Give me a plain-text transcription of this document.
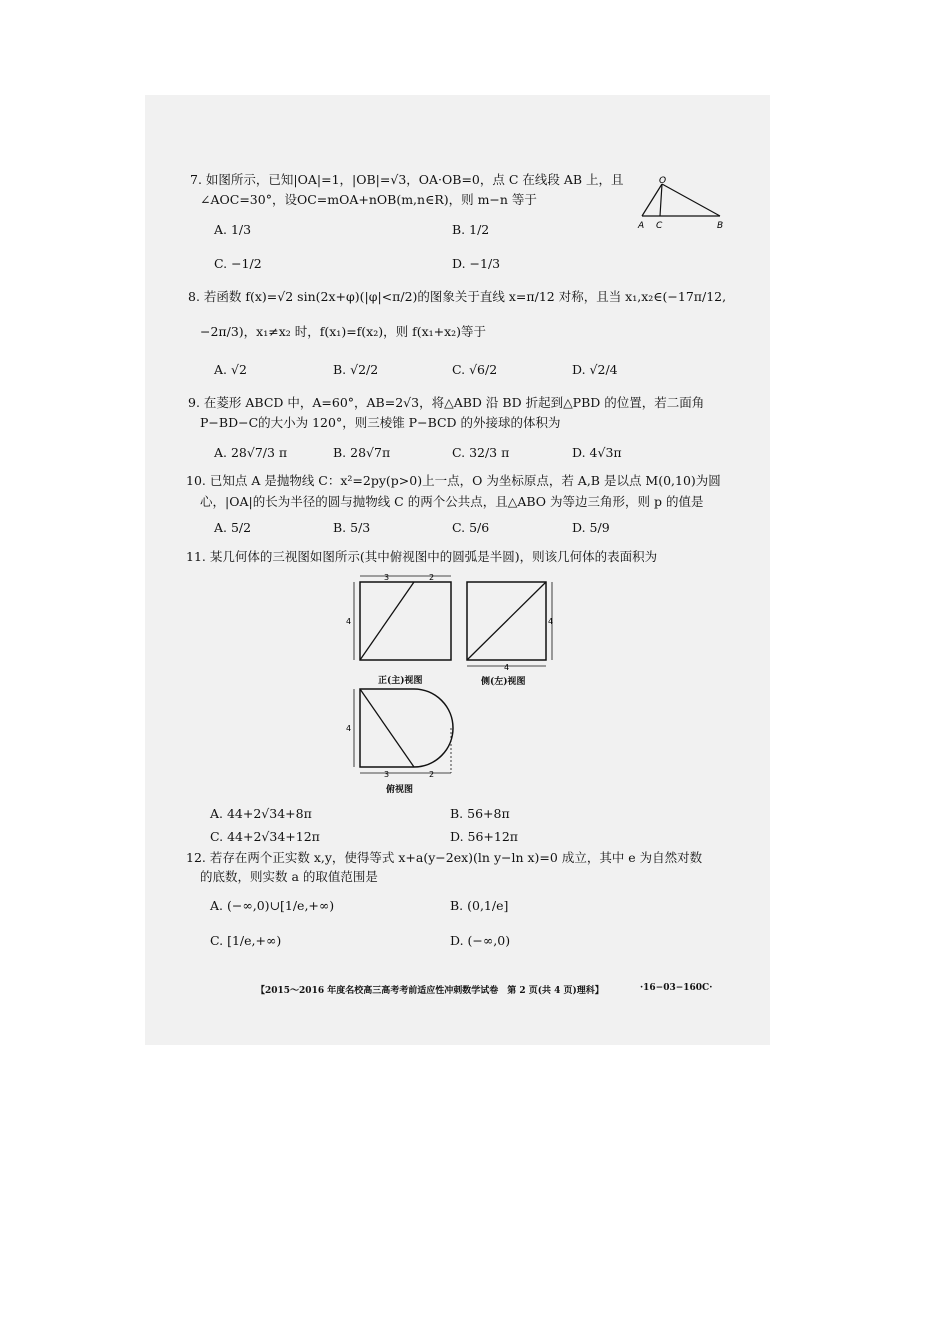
7. 如图所示，已知|OA|=1，|OB|=√3，OA·OB=0，点 C 在线段 AB 上，且
∠AOC=30°，设OC=mOA+nOB(m,n∈R)，则 m−n 等于
A. 1/3	B. 1/2
C. −1/2	D. −1/3
O
A C	B
8. 若函数 f(x)=√2 sin(2x+φ)(|φ|<π/2)的图象关于直线 x=π/12 对称，且当 x₁,x₂∈(−17π/12,
−2π/3)，x₁≠x₂ 时，f(x₁)=f(x₂)，则 f(x₁+x₂)等于
A. √2	B. √2/2	C. √6/2	D. √2/4
9. 在菱形 ABCD 中，A=60°，AB=2√3，将△ABD 沿 BD 折起到△PBD 的位置，若二面角
P−BD−C的大小为 120°，则三棱锥 P−BCD 的外接球的体积为
A. 28√7/3 π	B. 28√7π	C. 32/3 π	D. 4√3π
10. 已知点 A 是抛物线 C：x²=2py(p>0)上一点，O 为坐标原点，若 A,B 是以点 M(0,10)为圆
心，|OA|的长为半径的圆与抛物线 C 的两个公共点，且△ABO 为等边三角形，则 p 的值是
A. 5/2	B. 5/3	C. 5/6	D. 5/9
11. 某几何体的三视图如图所示(其中俯视图中的圆弧是半圆)，则该几何体的表面积为
3	2
4	4
4
4
3	2
正(主)视图	侧(左)视图
俯视图
A. 44+2√34+8π	B. 56+8π
C. 44+2√34+12π	D. 56+12π
12. 若存在两个正实数 x,y，使得等式 x+a(y−2ex)(ln y−ln x)=0 成立，其中 e 为自然对数
的底数，则实数 a 的取值范围是
A. (−∞,0)∪[1/e,+∞)	B. (0,1/e]
C. [1/e,+∞)	D. (−∞,0)
【2015～2016 年度名校高三高考考前适应性冲刺数学试卷　第 2 页(共 4 页)理科】	·16−03−160C·
